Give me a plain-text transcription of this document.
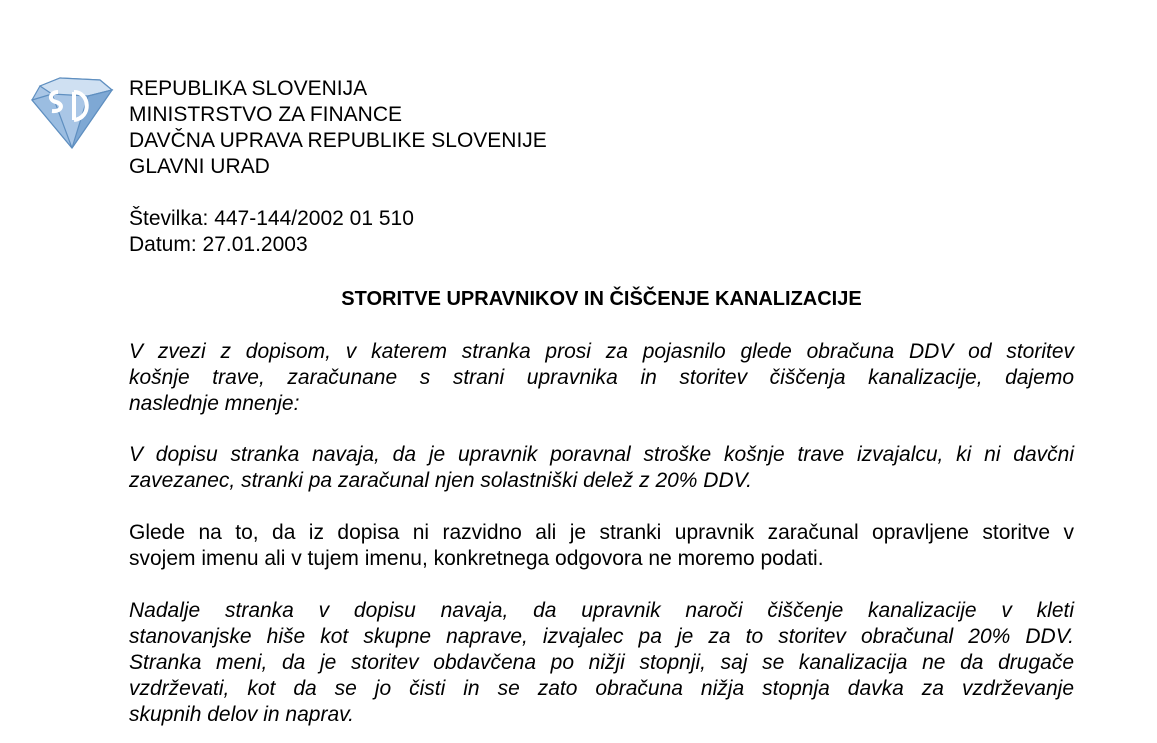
REPUBLIKA SLOVENIJA
MINISTRSTVO ZA FINANCE
DAVČNA UPRAVA REPUBLIKE SLOVENIJE
GLAVNI URAD
Številka: 447-144/2002 01 510
Datum: 27.01.2003
STORITVE UPRAVNIKOV IN ČIŠČENJE KANALIZACIJE
V zvezi z dopisom, v katerem stranka prosi za pojasnilo glede obračuna DDV od storitev
košnje trave, zaračunane s strani upravnika in storitev čiščenja kanalizacije, dajemo
naslednje mnenje:
V dopisu stranka navaja, da je upravnik poravnal stroške košnje trave izvajalcu, ki ni davčni
zavezanec, stranki pa zaračunal njen solastniški delež z 20% DDV.
Glede na to, da iz dopisa ni razvidno ali je stranki upravnik zaračunal opravljene storitve v
svojem imenu ali v tujem imenu, konkretnega odgovora ne moremo podati.
Nadalje stranka v dopisu navaja, da upravnik naroči čiščenje kanalizacije v kleti
stanovanjske hiše kot skupne naprave, izvajalec pa je za to storitev obračunal 20% DDV.
Stranka meni, da je storitev obdavčena po nižji stopnji, saj se kanalizacija ne da drugače
vzdrževati, kot da se jo čisti in se zato obračuna nižja stopnja davka za vzdrževanje
skupnih delov in naprav.
